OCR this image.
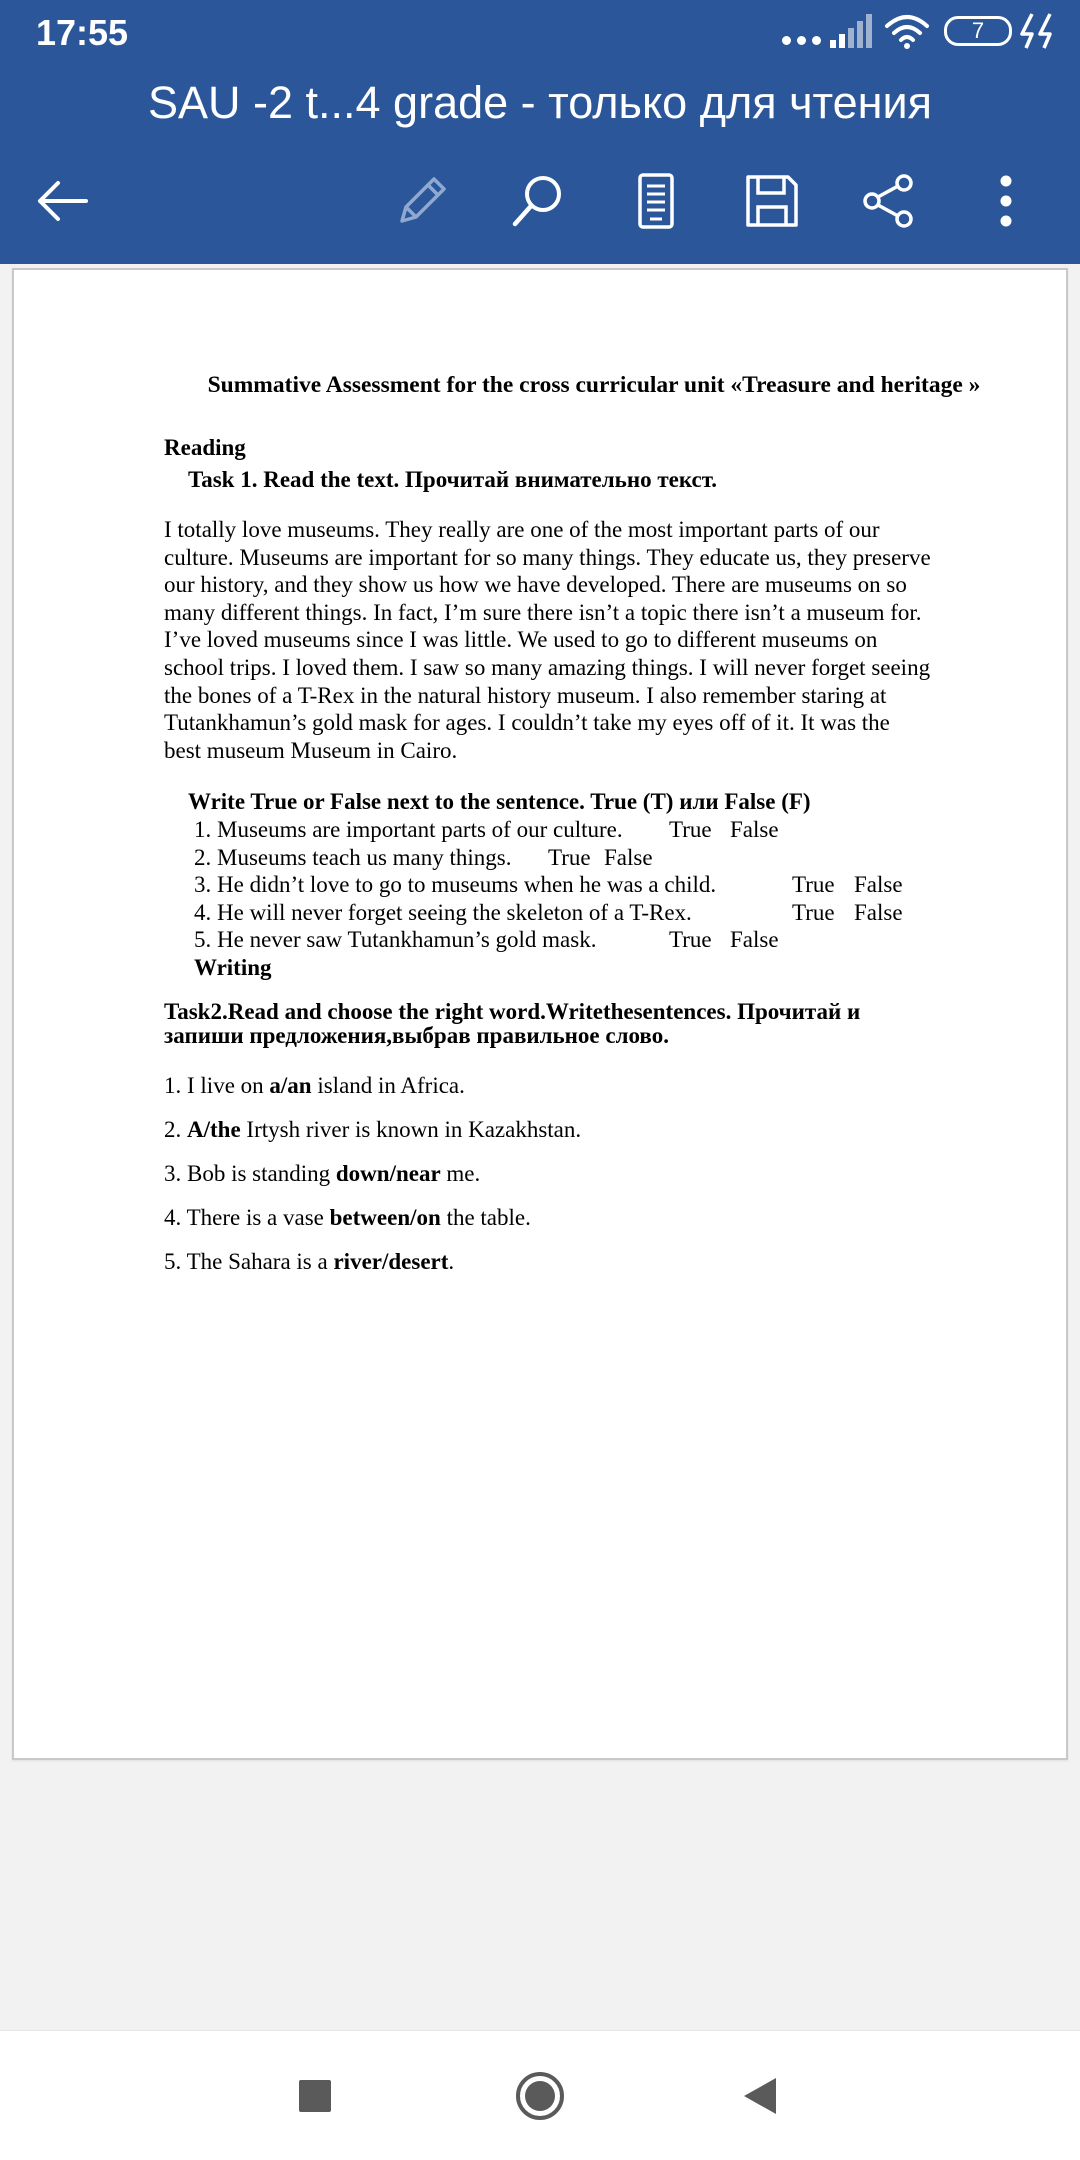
17:55	7
SAU -2 t...4 grade - только для чтения
Summative Assessment for the cross curricular unit «Treasure and heritage »
Reading
Task 1. Read the text. Прочитай внимательно текст.
I totally love museums. They really are one of the most important parts of our
culture. Museums are important for so many things. They educate us, they preserve
our history, and they show us how we have developed. There are museums on so
many different things. In fact, I’m sure there isn’t a topic there isn’t a museum for.
I’ve loved museums since I was little. We used to go to different museums on
school trips. I loved them. I saw so many amazing things. I will never forget seeing
the bones of a T-Rex in the natural history museum. I also remember staring at
Tutankhamun’s gold mask for ages. I couldn’t take my eyes off of it. It was the
best museum Museum in Cairo.
Write True or False next to the sentence. True (T) или False (F)
1. Museums are important parts of our culture. True False
2. Museums teach us many things. True False
3. He didn’t love to go to museums when he was a child.	True False
4. He will never forget seeing the skeleton of a T-Rex.	True False
5. He never saw Tutankhamun’s gold mask.	True False
Writing
Task2.Read and choose the right word.Writethesentences. Прочитай и
запиши предложения,выбрав правильное слово.
1. I live on a/an island in Africa.
2. A/the Irtysh river is known in Kazakhstan.
3. Bob is standing down/near me.
4. There is a vase between/on the table.
5. The Sahara is a river/desert.
